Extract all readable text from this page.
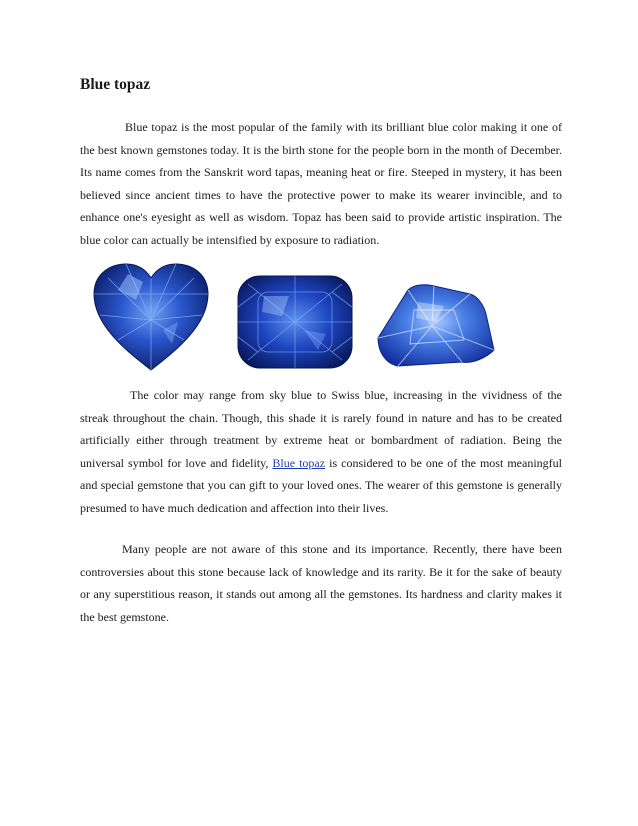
Blue topaz

Blue topaz is the most popular of the family with its brilliant blue color making it one of the best known gemstones today. It is the birth stone for the people born in the month of December. Its name comes from the Sanskrit word tapas, meaning heat or fire. Steeped in mystery, it has been believed since ancient times to have the protective power to make its wearer invincible, and to enhance one's eyesight as well as wisdom. Topaz has been said to provide artistic inspiration. The blue color can actually be intensified by exposure to radiation.

The color may range from sky blue to Swiss blue, increasing in the vividness of the streak throughout the chain. Though, this shade it is rarely found in nature and has to be created artificially either through treatment by extreme heat or bombardment of radiation. Being the universal symbol for love and fidelity, Blue topaz is considered to be one of the most meaningful and special gemstone that you can gift to your loved ones. The wearer of this gemstone is generally presumed to have much dedication and affection into their lives.

Many people are not aware of this stone and its importance. Recently, there have been controversies about this stone because lack of knowledge and its rarity. Be it for the sake of beauty or any superstitious reason, it stands out among all the gemstones. Its hardness and clarity makes it the best gemstone.
